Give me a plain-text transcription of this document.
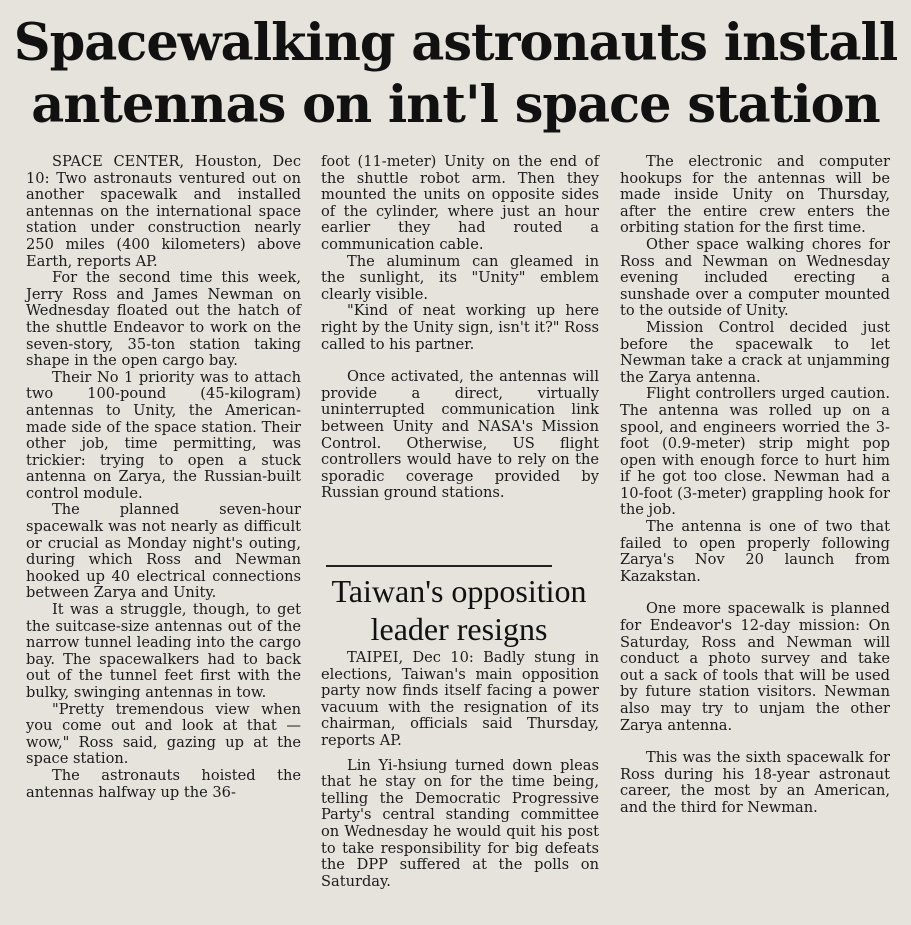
Spacewalking astronauts install antennas on int'l space station

SPACE CENTER, Houston, Dec 10: Two astronauts ventured out on another spacewalk and installed antennas on the international space station under construction nearly 250 miles (400 kilometers) above Earth, reports AP.

For the second time this week, Jerry Ross and James Newman on Wednesday floated out the hatch of the shuttle Endeavor to work on the seven-story, 35-ton station taking shape in the open cargo bay.

Their No 1 priority was to attach two 100-pound (45-kilogram) antennas to Unity, the American-made side of the space station. Their other job, time permitting, was trickier: trying to open a stuck antenna on Zarya, the Russian-built control module.

The planned seven-hour spacewalk was not nearly as difficult or crucial as Monday night's outing, during which Ross and Newman hooked up 40 electrical connections between Zarya and Unity.

It was a struggle, though, to get the suitcase-size antennas out of the narrow tunnel leading into the cargo bay. The spacewalkers had to back out of the tunnel feet first with the bulky, swinging antennas in tow.

"Pretty tremendous view when you come out and look at that — wow," Ross said, gazing up at the space station.

The astronauts hoisted the antennas halfway up the 36-

foot (11-meter) Unity on the end of the shuttle robot arm. Then they mounted the units on opposite sides of the cylinder, where just an hour earlier they had routed a communication cable.

The aluminum can gleamed in the sunlight, its "Unity" emblem clearly visible.

"Kind of neat working up here right by the Unity sign, isn't it?" Ross called to his partner.

Once activated, the antennas will provide a direct, virtually uninterrupted communication link between Unity and NASA's Mission Control. Otherwise, US flight controllers would have to rely on the sporadic coverage provided by Russian ground stations.

Taiwan's opposition leader resigns

TAIPEI, Dec 10: Badly stung in elections, Taiwan's main opposition party now finds itself facing a power vacuum with the resignation of its chairman, officials said Thursday, reports AP.

Lin Yi-hsiung turned down pleas that he stay on for the time being, telling the Democratic Progressive Party's central standing committee on Wednesday he would quit his post to take responsibility for big defeats the DPP suffered at the polls on Saturday.

The electronic and computer hookups for the antennas will be made inside Unity on Thursday, after the entire crew enters the orbiting station for the first time.

Other space walking chores for Ross and Newman on Wednesday evening included erecting a sunshade over a computer mounted to the outside of Unity.

Mission Control decided just before the spacewalk to let Newman take a crack at unjamming the Zarya antenna.

Flight controllers urged caution. The antenna was rolled up on a spool, and engineers worried the 3-foot (0.9-meter) strip might pop open with enough force to hurt him if he got too close. Newman had a 10-foot (3-meter) grappling hook for the job.

The antenna is one of two that failed to open properly following Zarya's Nov 20 launch from Kazakstan.

One more spacewalk is planned for Endeavor's 12-day mission: On Saturday, Ross and Newman will conduct a photo survey and take out a sack of tools that will be used by future station visitors. Newman also may try to unjam the other Zarya antenna.

This was the sixth spacewalk for Ross during his 18-year astronaut career, the most by an American, and the third for Newman.
